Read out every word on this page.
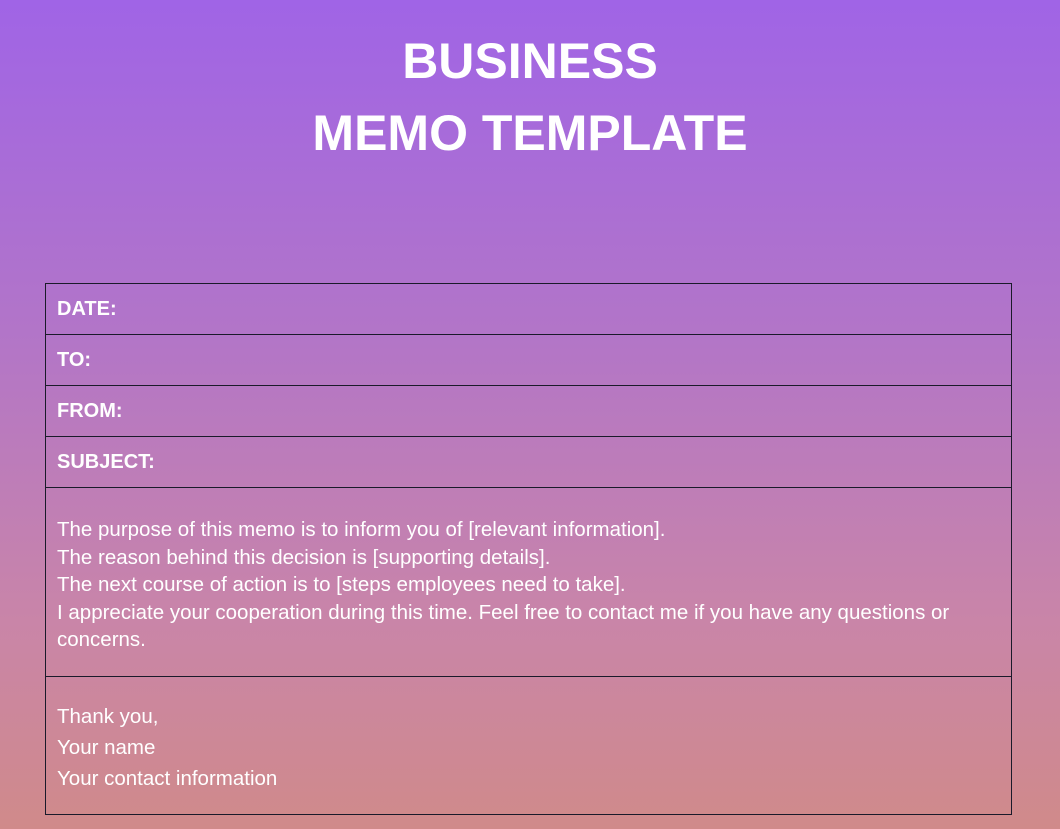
BUSINESS
MEMO TEMPLATE
DATE:
TO:
FROM:
SUBJECT:
The purpose of this memo is to inform you of [relevant information].
The reason behind this decision is [supporting details].
The next course of action is to [steps employees need to take].
I appreciate your cooperation during this time. Feel free to contact me if you have any questions or concerns.
Thank you,
Your name
Your contact information
